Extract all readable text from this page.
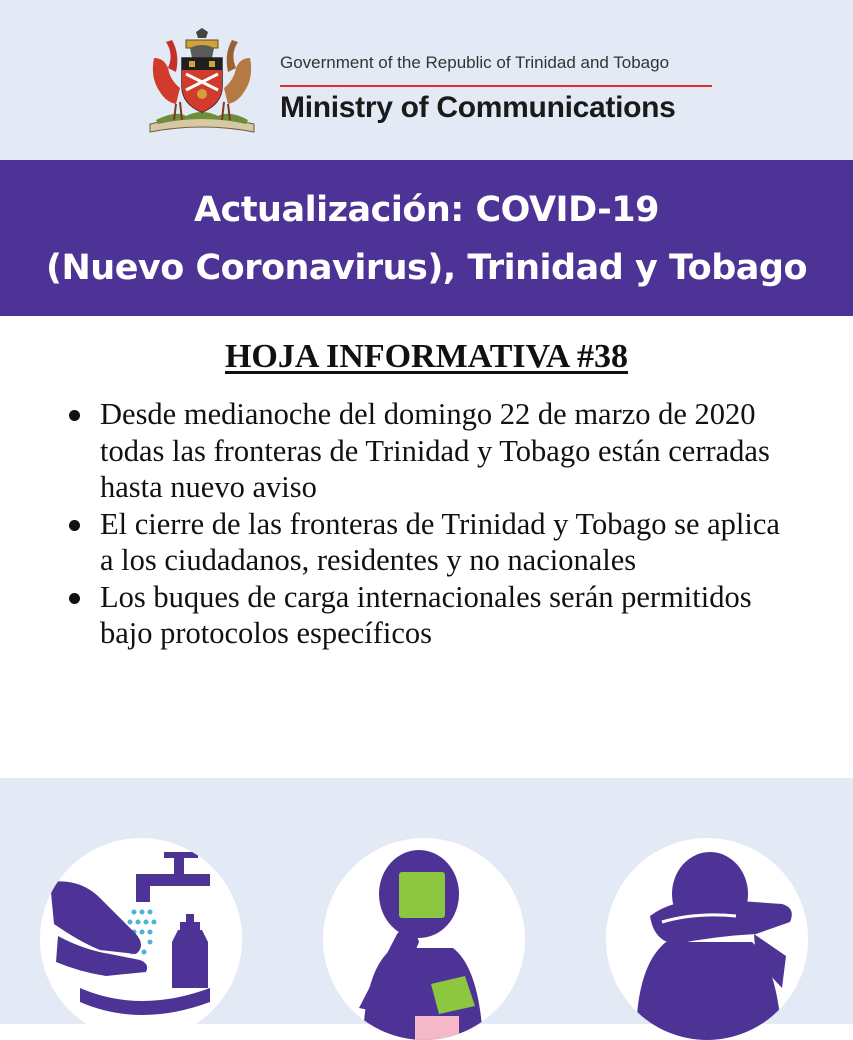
Government of the Republic of Trinidad and Tobago
Ministry of Communications
Actualización: COVID-19
(Nuevo Coronavirus), Trinidad y Tobago
HOJA INFORMATIVA #38
Desde medianoche del domingo 22 de marzo de 2020 todas las fronteras de Trinidad y Tobago están cerradas hasta nuevo aviso
El cierre de las fronteras de Trinidad y Tobago se aplica a los ciudadanos, residentes y no nacionales
Los buques de carga internacionales serán permitidos bajo protocolos específicos
